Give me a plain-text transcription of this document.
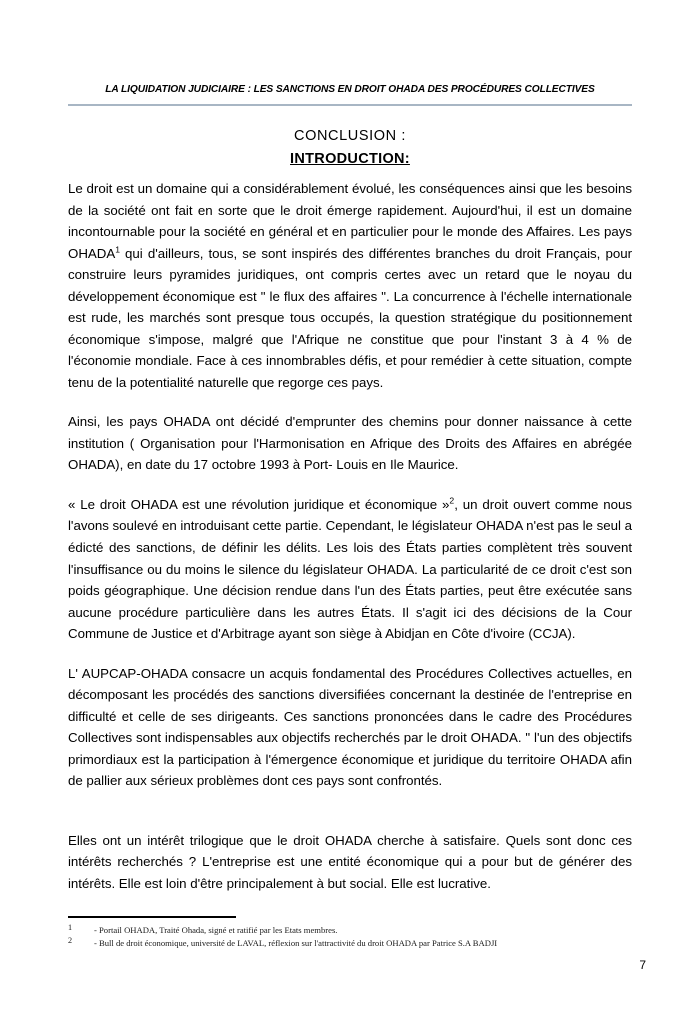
LA LIQUIDATION JUDICIAIRE : LES SANCTIONS EN DROIT OHADA DES PROCÉDURES COLLECTIVES
CONCLUSION :
INTRODUCTION:

Le droit est un domaine qui a considérablement évolué, les conséquences ainsi que les besoins de la société ont fait en sorte que le droit émerge rapidement. Aujourd'hui, il est un domaine incontournable pour la société en général et en particulier pour le monde des Affaires. Les pays OHADA$^1$ qui d'ailleurs, tous, se sont inspirés des différentes branches du droit Français, pour construire leurs pyramides juridiques, ont compris certes avec un retard que le noyau du développement économique est " le flux des affaires ". La concurrence à l'échelle internationale est rude, les marchés sont presque tous occupés, la question stratégique du positionnement économique s'impose, malgré que l'Afrique ne constitue que pour l'instant 3 à 4 % de l'économie mondiale. Face à ces innombrables défis, et pour remédier à cette situation, compte tenu de la potentialité naturelle que regorge ces pays.

Ainsi, les pays OHADA ont décidé d'emprunter des chemins pour donner naissance à cette institution ( Organisation pour l'Harmonisation en Afrique des Droits des Affaires en abrégée OHADA), en date du 17 octobre 1993 à Port- Louis en Ile Maurice.

« Le droit OHADA est une révolution juridique et économique »$^2$, un droit ouvert comme nous l'avons soulevé en introduisant cette partie. Cependant, le législateur OHADA n'est pas le seul a édicté des sanctions, de définir les délits. Les lois des États parties complètent très souvent l'insuffisance ou du moins le silence du législateur OHADA. La particularité de ce droit c'est son poids géographique. Une décision rendue dans l'un des États parties, peut être exécutée sans aucune procédure particulière dans les autres États. Il s'agit ici des décisions de la Cour Commune de Justice et d'Arbitrage ayant son siège à Abidjan en Côte d'ivoire (CCJA).

L' AUPCAP-OHADA consacre un acquis fondamental des Procédures Collectives actuelles, en décomposant les procédés des sanctions diversifiées concernant la destinée de l'entreprise en difficulté et celle de ses dirigeants. Ces sanctions prononcées dans le cadre des Procédures Collectives sont indispensables aux objectifs recherchés par le droit OHADA. " l'un des objectifs primordiaux est la participation à l'émergence économique et juridique du territoire OHADA afin de pallier aux sérieux problèmes dont ces pays sont confrontés.

Elles ont un intérêt trilogique que le droit OHADA cherche à satisfaire. Quels sont donc ces intérêts recherchés ? L'entreprise est une entité économique qui a pour but de générer des intérêts. Elle est loin d'être principalement à but social. Elle est lucrative.

1	- Portail OHADA, Traité Ohada, signé et ratifié par les Etats membres.
2	- Bull de droit économique, université de LAVAL, réflexion sur l'attractivité du droit OHADA par Patrice S.A BADJI
7
